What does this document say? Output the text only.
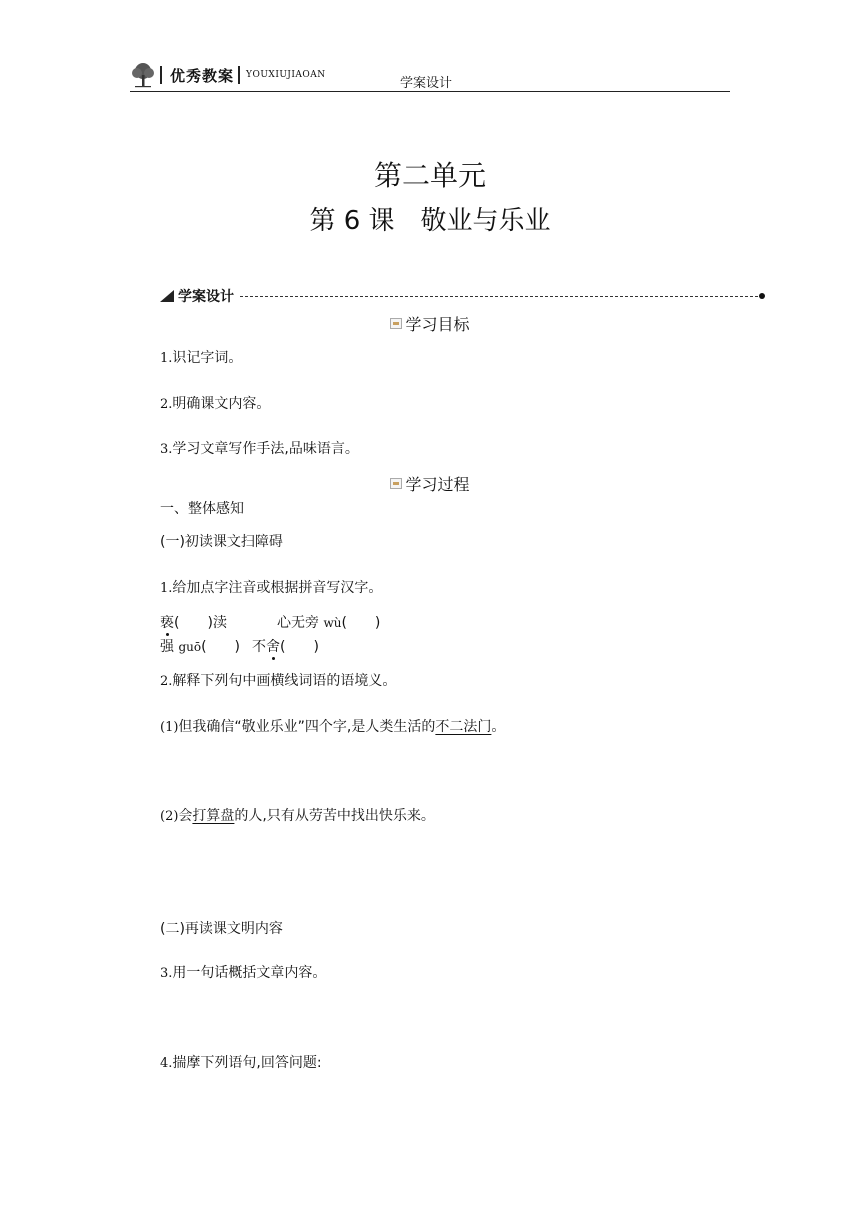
优秀教案 YOUXIUJIAOAN
学案设计
第二单元
第 6 课　敬业与乐业
学案设计
学习目标
1.识记字词。
2.明确课文内容。
3.学习文章写作手法,品味语言。
学习过程
一、整体感知
(一)初读课文扫障碍
1.给加点字注音或根据拼音写汉字。
亵(　　)渎	心无旁 wù(　　)
强 guō(　　) 不舍(　　)
2.解释下列句中画横线词语的语境义。
(1)但我确信“敬业乐业”四个字,是人类生活的不二法门。
(2)会打算盘的人,只有从劳苦中找出快乐来。
(二)再读课文明内容
3.用一句话概括文章内容。
4.揣摩下列语句,回答问题:
